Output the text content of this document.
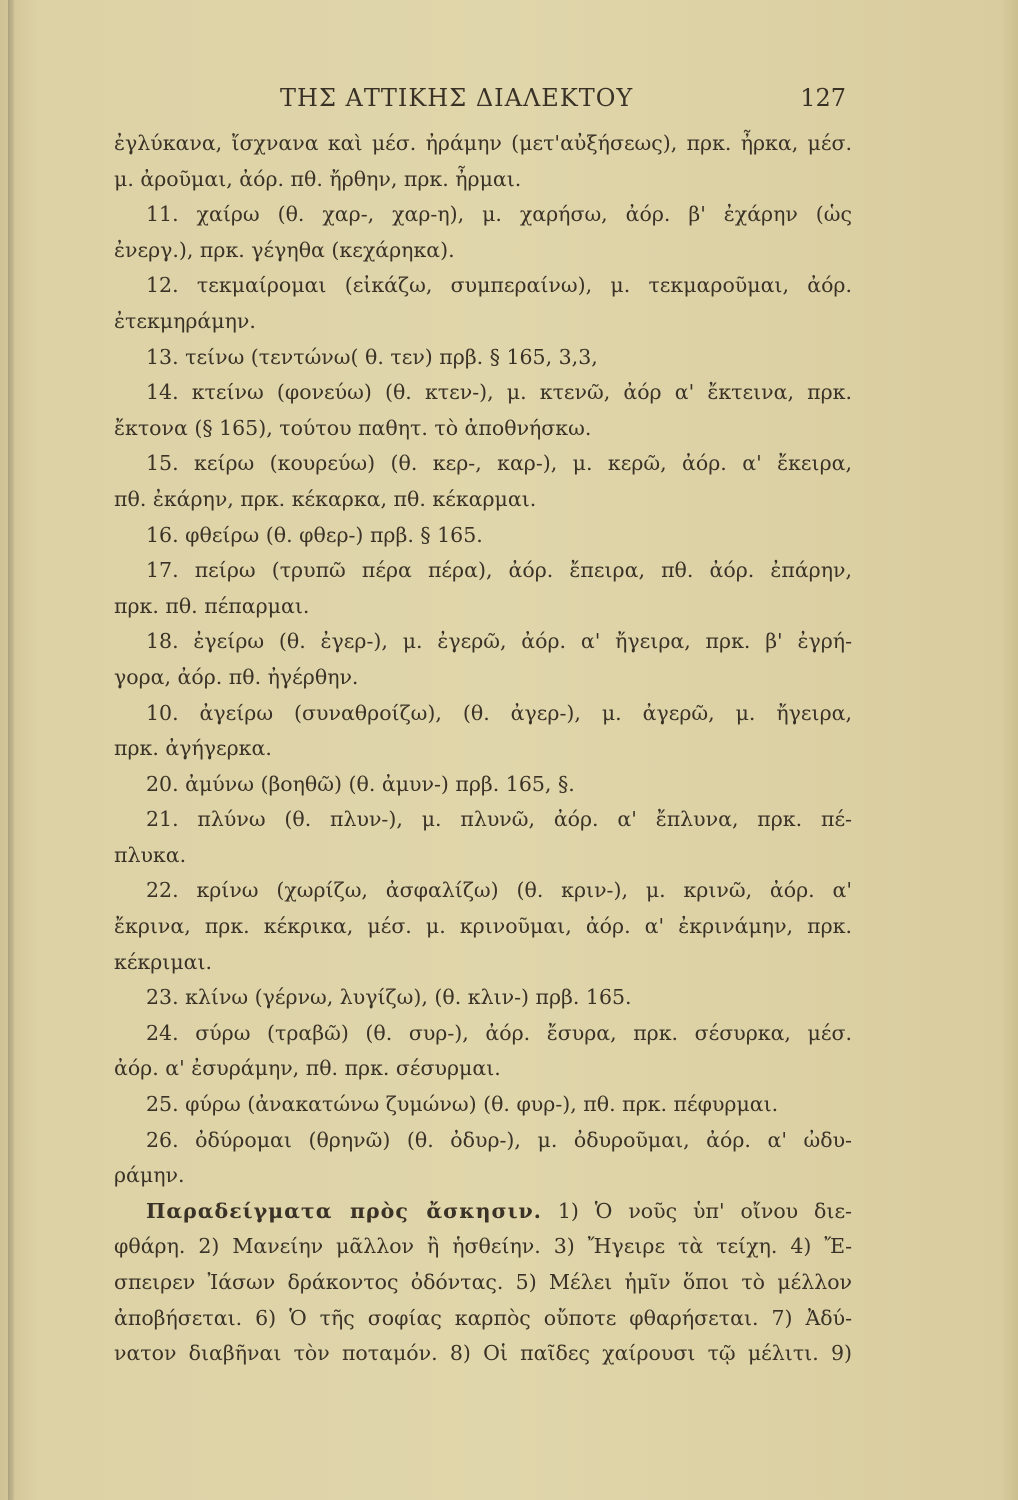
ΤΗΣ ΑΤΤΙΚΗΣ ΔΙΑΛΕΚΤΟΥ	127
ἐγλύκανα, ἴσχνανα καὶ μέσ. ἠράμην (μετ'αὐξήσεως), πρκ. ἦρκα, μέσ.
μ. ἀροῦμαι, ἀόρ. πθ. ἤρθην, πρκ. ἦρμαι.
11. χαίρω (θ. χαρ-, χαρ-η), μ. χαρήσω, ἀόρ. β' ἐχάρην (ὡς
ἐνεργ.), πρκ. γέγηθα (κεχάρηκα).
12. τεκμαίρομαι (εἰκάζω, συμπεραίνω), μ. τεκμαροῦμαι, ἀόρ.
ἐτεκμηράμην.
13. τείνω (τεντώνω( θ. τεν) πρβ. § 165, 3,3,
14. κτείνω (φονεύω) (θ. κτεν-), μ. κτενῶ, ἀόρ α' ἔκτεινα, πρκ.
ἔκτονα (§ 165), τούτου παθητ. τὸ ἀποθνήσκω.
15. κείρω (κουρεύω) (θ. κερ-, καρ-), μ. κερῶ, ἀόρ. α' ἔκειρα,
πθ. ἐκάρην, πρκ. κέκαρκα, πθ. κέκαρμαι.
16. φθείρω (θ. φθερ-) πρβ. § 165.
17. πείρω (τρυπῶ πέρα πέρα), ἀόρ. ἔπειρα, πθ. ἀόρ. ἐπάρην,
πρκ. πθ. πέπαρμαι.
18. ἐγείρω (θ. ἐγερ-), μ. ἐγερῶ, ἀόρ. α' ἤγειρα, πρκ. β' ἐγρή-
γορα, ἀόρ. πθ. ἠγέρθην.
10. ἀγείρω (συναθροίζω), (θ. ἀγερ-), μ. ἀγερῶ, μ. ἤγειρα,
πρκ. ἀγήγερκα.
20. ἀμύνω (βοηθῶ) (θ. ἀμυν-) πρβ. 165, §.
21. πλύνω (θ. πλυν-), μ. πλυνῶ, ἀόρ. α' ἔπλυνα, πρκ. πέ-
πλυκα.
22. κρίνω (χωρίζω, ἀσφαλίζω) (θ. κριν-), μ. κρινῶ, ἀόρ. α'
ἔκρινα, πρκ. κέκρικα, μέσ. μ. κρινοῦμαι, ἀόρ. α' ἐκρινάμην, πρκ.
κέκριμαι.
23. κλίνω (γέρνω, λυγίζω), (θ. κλιν-) πρβ. 165.
24. σύρω (τραβῶ) (θ. συρ-), ἀόρ. ἔσυρα, πρκ. σέσυρκα, μέσ.
ἀόρ. α' ἐσυράμην, πθ. πρκ. σέσυρμαι.
25. φύρω (ἀνακατώνω ζυμώνω) (θ. φυρ-), πθ. πρκ. πέφυρμαι.
26. ὀδύρομαι (θρηνῶ) (θ. ὀδυρ-), μ. ὀδυροῦμαι, ἀόρ. α' ὠδυ-
ράμην.
Παραδείγματα πρὸς ἄσκησιν. 1) Ὁ νοῦς ὑπ' οἴνου διε-
φθάρη. 2) Μανείην μᾶλλον ἢ ἡσθείην. 3) Ἤγειρε τὰ τείχη. 4) Ἔ-
σπειρεν Ἰάσων δράκοντος ὀδόντας. 5) Μέλει ἡμῖν ὅποι τὸ μέλλον
ἀποβήσεται. 6) Ὁ τῆς σοφίας καρπὸς οὔποτε φθαρήσεται. 7) Ἀδύ-
νατον διαβῆναι τὸν ποταμόν. 8) Οἱ παῖδες χαίρουσι τῷ μέλιτι. 9)
